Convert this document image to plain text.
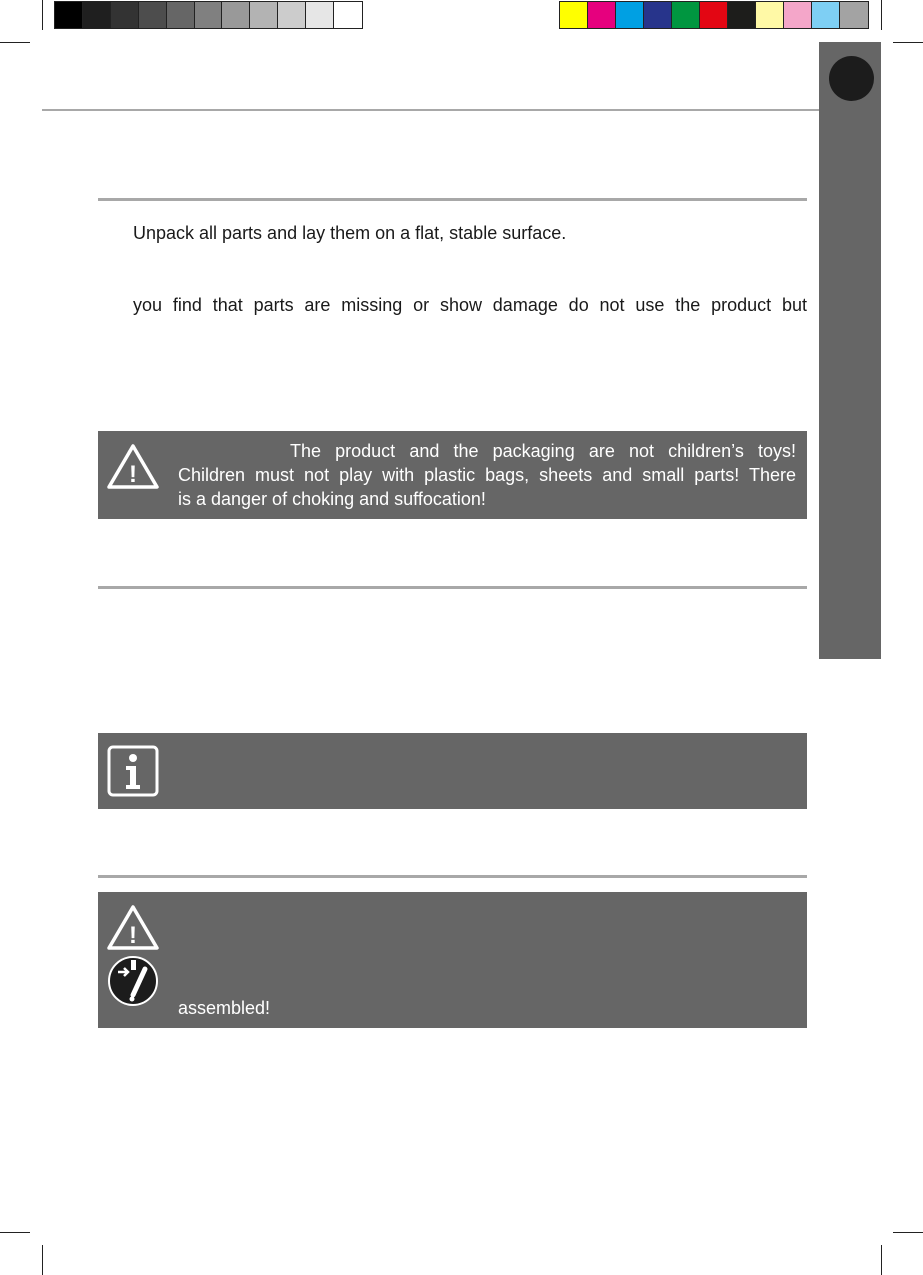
Unpack all parts and lay them on a flat, stable surface.
you find that parts are missing or show damage do not use the product but
!

The product and the packaging are not children’s toys!

Children must not play with plastic bags, sheets and small parts! There

is a danger of choking and suffocation!

!
assembled!
